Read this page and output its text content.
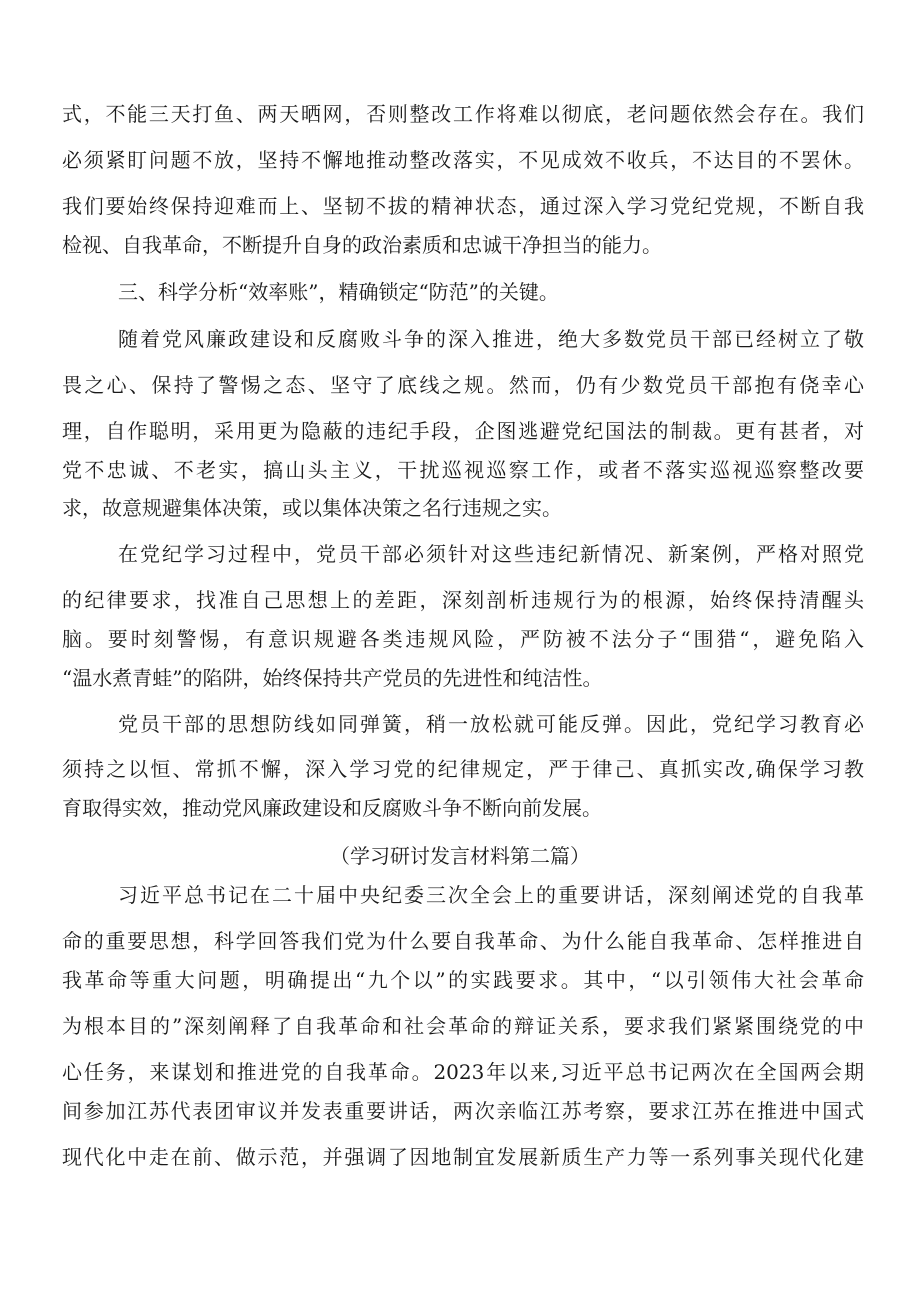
式，不能三天打鱼、两天晒网，否则整改工作将难以彻底，老问题依然会存在。我们
必须紧盯问题不放，坚持不懈地推动整改落实，不见成效不收兵，不达目的不罢休。
我们要始终保持迎难而上、坚韧不拔的精神状态，通过深入学习党纪党规，不断自我
检视、自我革命，不断提升自身的政治素质和忠诚干净担当的能力。
三、科学分析“效率账”，精确锁定“防范”的关键。
随着党风廉政建设和反腐败斗争的深入推进，绝大多数党员干部已经树立了敬
畏之心、保持了警惕之态、坚守了底线之规。然而，仍有少数党员干部抱有侥幸心
理，自作聪明，采用更为隐蔽的违纪手段，企图逃避党纪国法的制裁。更有甚者，对
党不忠诚、不老实，搞山头主义，干扰巡视巡察工作，或者不落实巡视巡察整改要
求，故意规避集体决策，或以集体决策之名行违规之实。
在党纪学习过程中，党员干部必须针对这些违纪新情况、新案例，严格对照党
的纪律要求，找准自己思想上的差距，深刻剖析违规行为的根源，始终保持清醒头
脑。要时刻警惕，有意识规避各类违规风险，严防被不法分子“围猎“，避免陷入
“温水煮青蛙”的陷阱，始终保持共产党员的先进性和纯洁性。
党员干部的思想防线如同弹簧，稍一放松就可能反弹。因此，党纪学习教育必
须持之以恒、常抓不懈，深入学习党的纪律规定，严于律己、真抓实改,确保学习教
育取得实效，推动党风廉政建设和反腐败斗争不断向前发展。
（学习研讨发言材料第二篇）
习近平总书记在二十届中央纪委三次全会上的重要讲话，深刻阐述党的自我革
命的重要思想，科学回答我们党为什么要自我革命、为什么能自我革命、怎样推进自
我革命等重大问题，明确提出“九个以”的实践要求。其中，“以引领伟大社会革命
为根本目的”深刻阐释了自我革命和社会革命的辩证关系，要求我们紧紧围绕党的中
心任务，来谋划和推进党的自我革命。2023年以来,习近平总书记两次在全国两会期
间参加江苏代表团审议并发表重要讲话，两次亲临江苏考察，要求江苏在推进中国式
现代化中走在前、做示范，并强调了因地制宜发展新质生产力等一系列事关现代化建
